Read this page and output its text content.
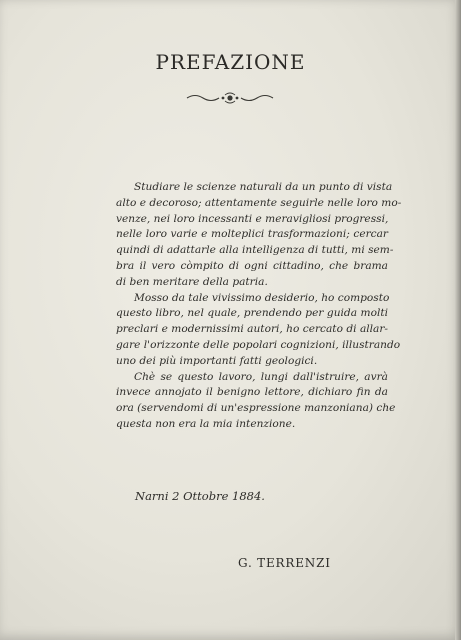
PREFAZIONE

Studiare le scienze naturali da un punto di vista
alto e decoroso; attentamente seguirle nelle loro mo-
venze, nei loro incessanti e meravigliosi progressi,
nelle loro varie e molteplici trasformazioni; cercar
quindi di adattarle alla intelligenza di tutti, mi sem-
bra il vero còmpito di ogni cittadino, che brama
di ben meritare della patria.

Mosso da tale vivissimo desiderio, ho composto
questo libro, nel quale, prendendo per guida molti
preclari e modernissimi autori, ho cercato di allar-
gare l'orizzonte delle popolari cognizioni, illustrando
uno dei più importanti fatti geologici.

Chè se questo lavoro, lungi dall'istruire, avrà
invece annojato il benigno lettore, dichiaro fin da
ora (servendomi di un'espressione manzoniana) che
questa non era la mia intenzione.

Narni 2 Ottobre 1884.
G. TERRENZI
